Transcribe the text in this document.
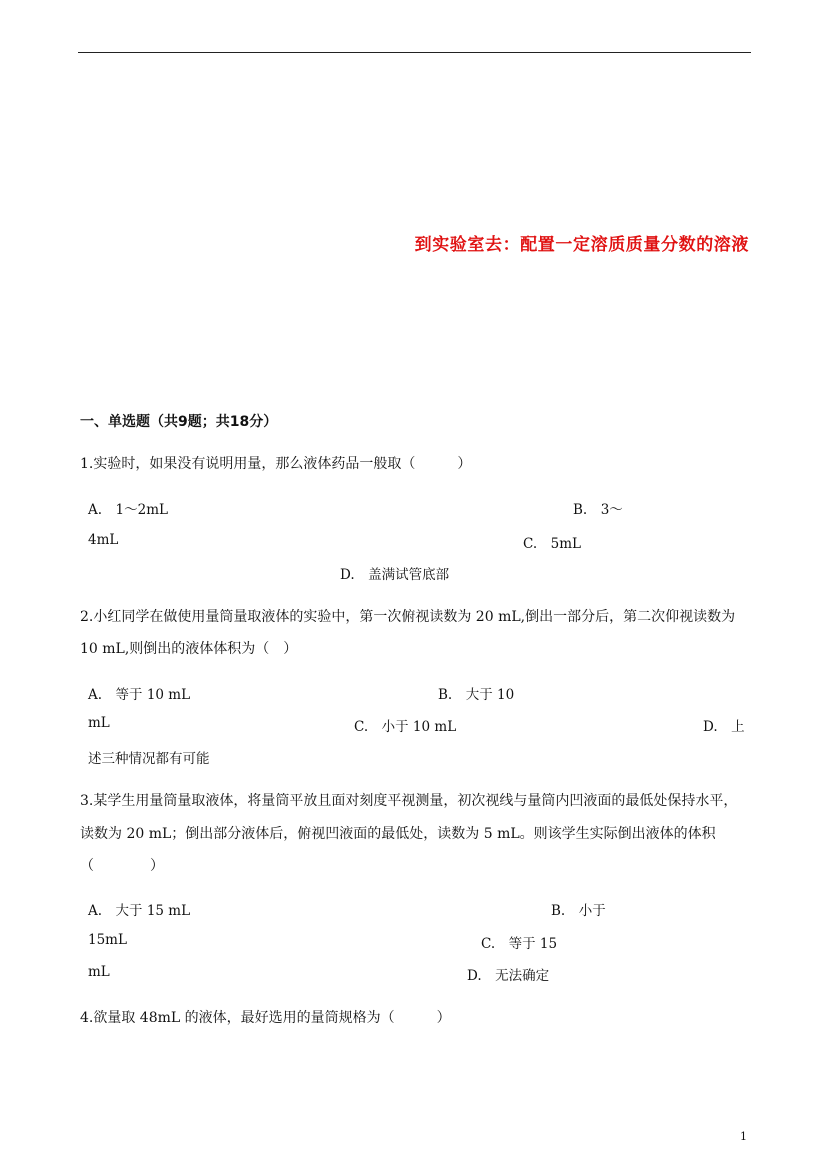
到实验室去：配置一定溶质质量分数的溶液
一、单选题（共9题；共18分）
1.实验时，如果没有说明用量，那么液体药品一般取（　　　）
A.　1～2mL	B.　3～
4mL	C.　5mL
D.　盖满试管底部
2.小红同学在做使用量筒量取液体的实验中，第一次俯视读数为 20 mL,倒出一部分后，第二次仰视读数为
10 mL,则倒出的液体体积为（　）
A.　等于 10 mL	B.　大于 10
mL	C.　小于 10 mL	D.　上
述三种情况都有可能
3.某学生用量筒量取液体，将量筒平放且面对刻度平视测量，初次视线与量筒内凹液面的最低处保持水平，
读数为 20 mL；倒出部分液体后，俯视凹液面的最低处，读数为 5 mL。则该学生实际倒出液体的体积
（　　　　）
A.　大于 15 mL	B.　小于
15mL	C.　等于 15
mL	D.　无法确定
4.欲量取 48mL 的液体，最好选用的量筒规格为（　　　）
1
